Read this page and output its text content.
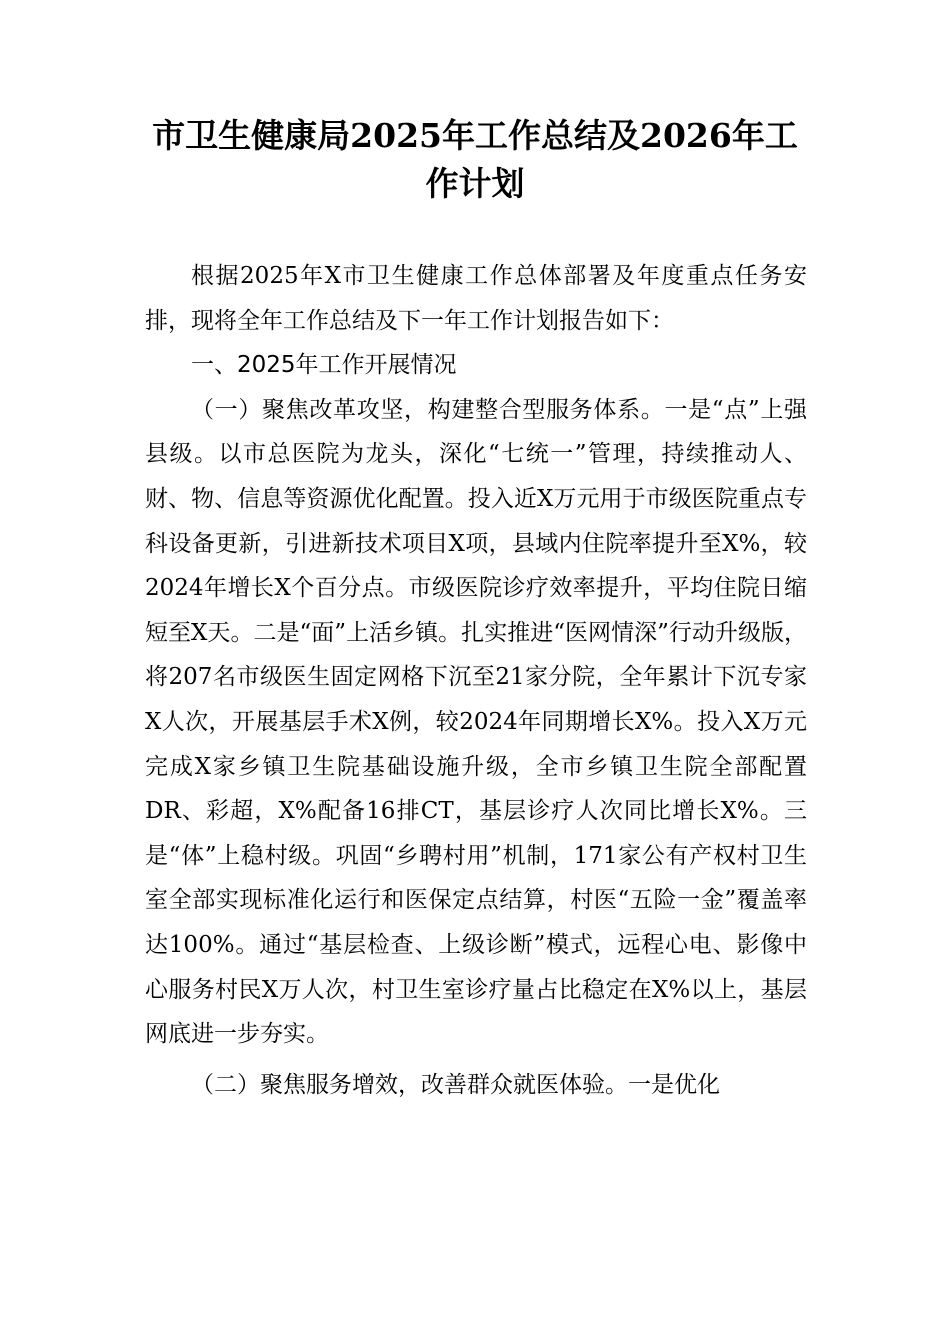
市卫生健康局2025年工作总结及2026年工作计划

根据2025年X市卫生健康工作总体部署及年度重点任务安排，现将全年工作总结及下一年工作计划报告如下：

一、2025年工作开展情况

（一）聚焦改革攻坚，构建整合型服务体系。一是“点”上强县级。以市总医院为龙头，深化“七统一”管理，持续推动人、财、物、信息等资源优化配置。投入近X万元用于市级医院重点专科设备更新，引进新技术项目X项，县域内住院率提升至X%，较2024年增长X个百分点。市级医院诊疗效率提升，平均住院日缩短至X天。二是“面”上活乡镇。扎实推进“医网情深”行动升级版，将207名市级医生固定网格下沉至21家分院，全年累计下沉专家X人次，开展基层手术X例，较2024年同期增长X%。投入X万元完成X家乡镇卫生院基础设施升级，全市乡镇卫生院全部配置DR、彩超，X%配备16排CT，基层诊疗人次同比增长X%。三是“体”上稳村级。巩固“乡聘村用”机制，171家公有产权村卫生室全部实现标准化运行和医保定点结算，村医“五险一金”覆盖率达100%。通过“基层检查、上级诊断”模式，远程心电、影像中心服务村民X万人次，村卫生室诊疗量占比稳定在X%以上，基层网底进一步夯实。

（二）聚焦服务增效，改善群众就医体验。一是优化
